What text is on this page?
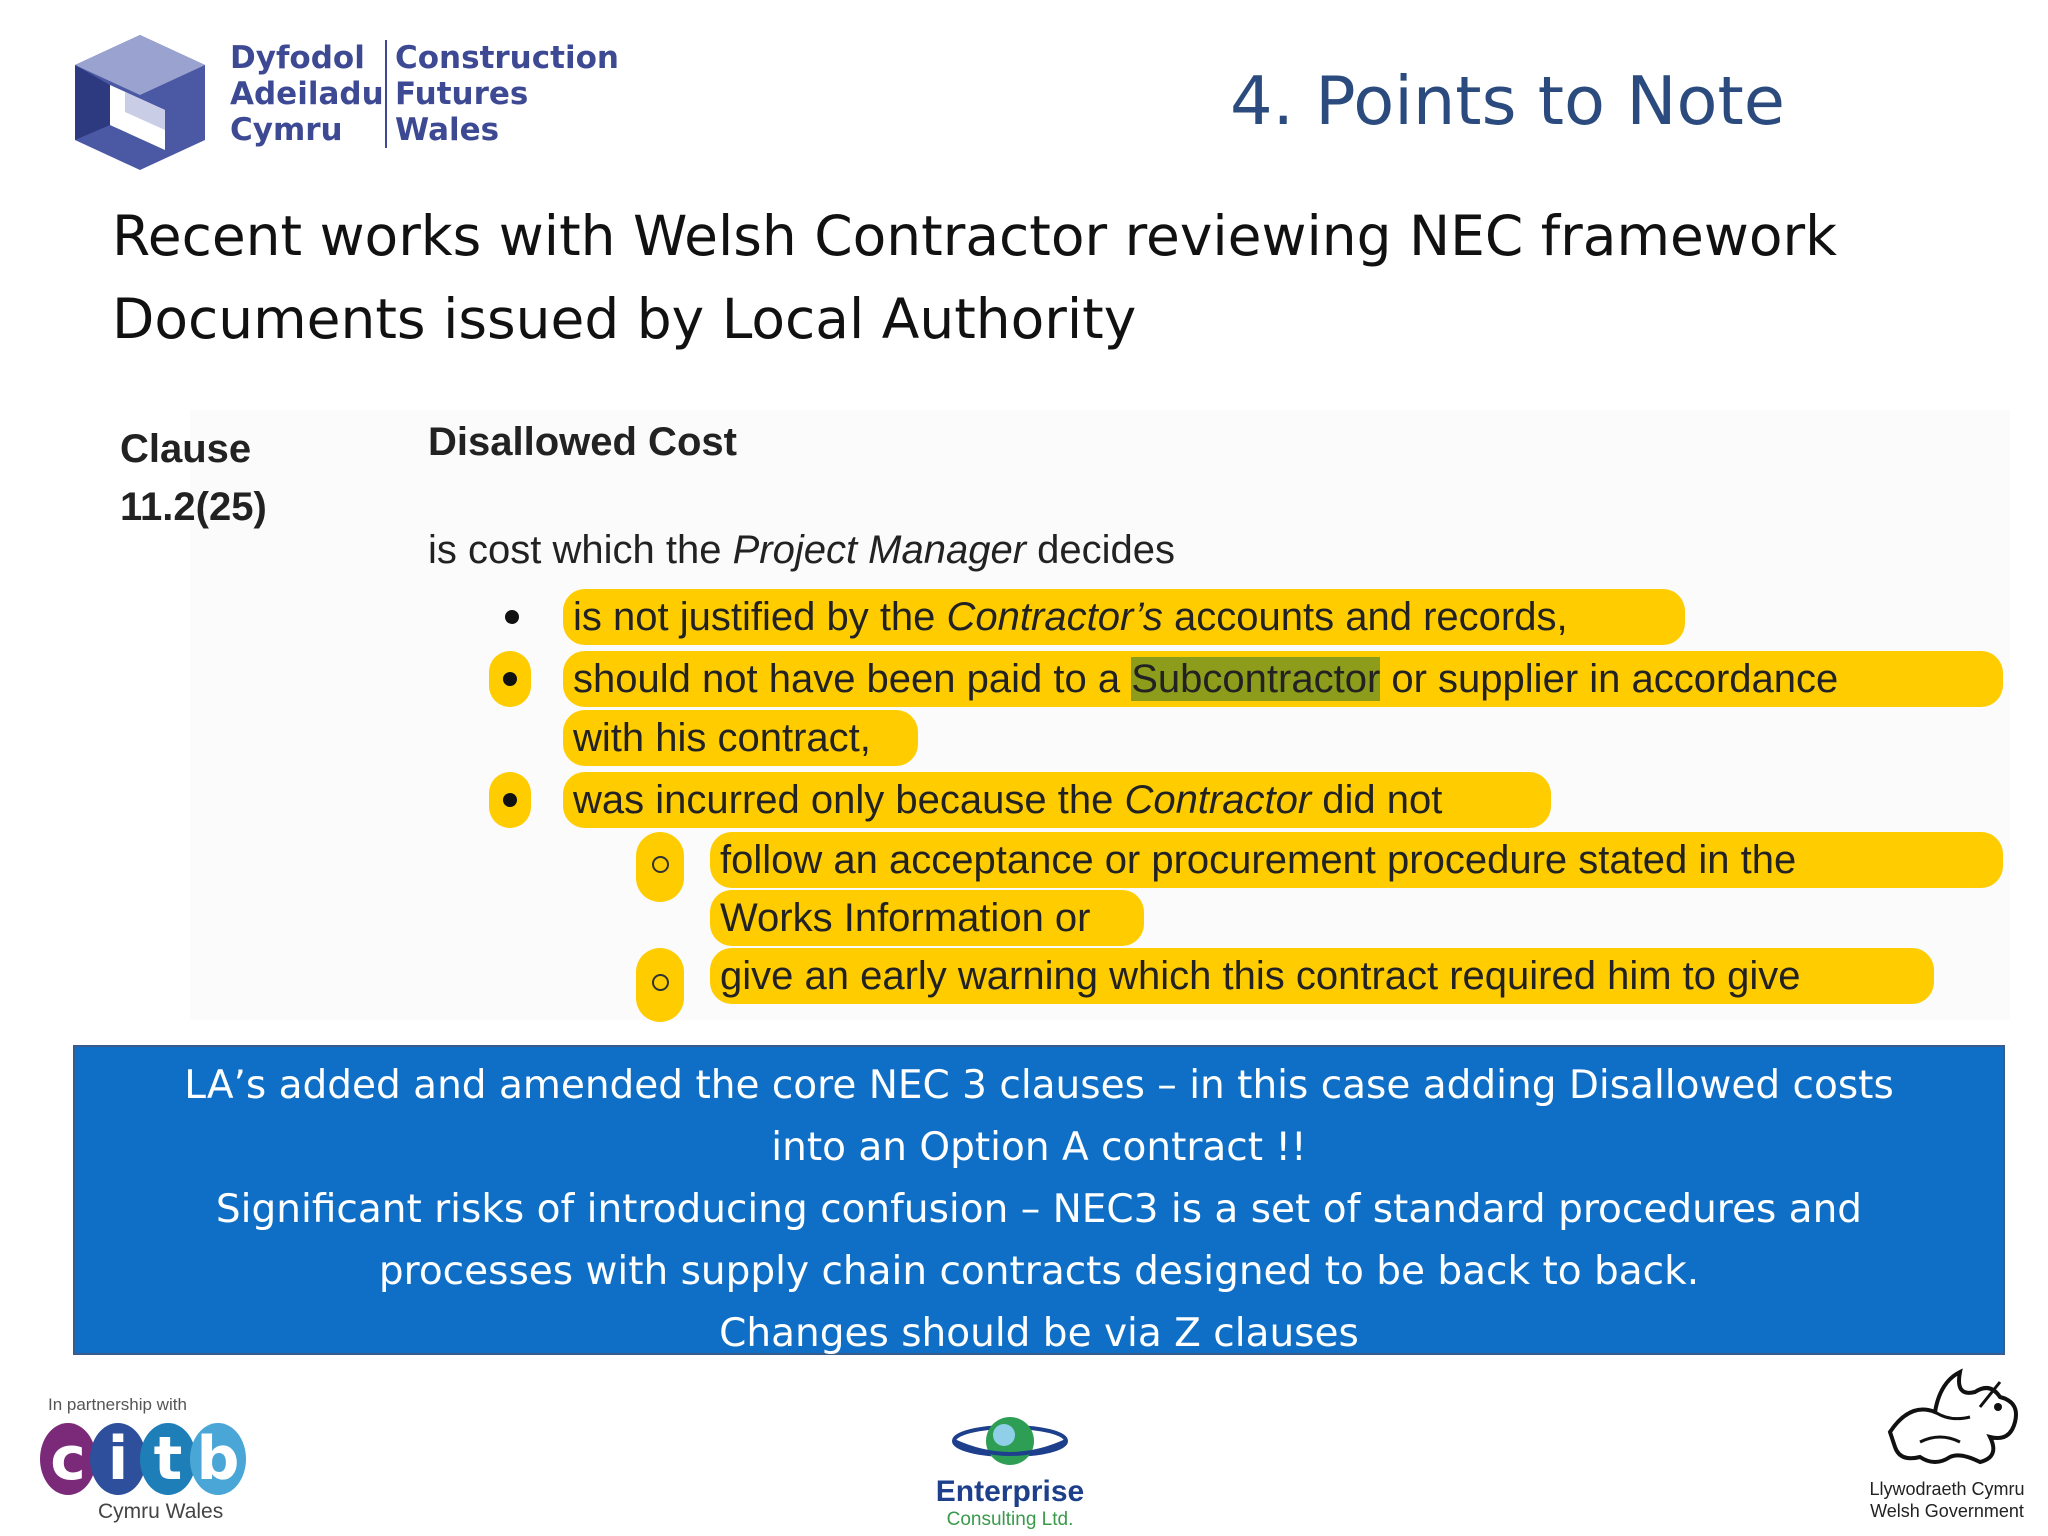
Dyfodol
Adeiladu
Cymru
Construction
Futures
Wales	4. Points to Note
Recent works with Welsh Contractor reviewing NEC framework
Documents issued by Local Authority
Clause
11.2(25)
Disallowed Cost
is cost which the Project Manager decides
is not justified by the Contractor’s accounts and records,
should not have been paid to a Subcontractor or supplier in accordance
with his contract,
was incurred only because the Contractor did not
follow an acceptance or procurement procedure stated in the
Works Information or
give an early warning which this contract required him to give
LA’s added and amended the core NEC 3 clauses – in this case adding Disallowed costs
into an Option A contract !!
Significant risks of introducing confusion – NEC3 is a set of standard procedures and
processes with supply chain contracts designed to be back to back.
Changes should be via Z clauses
In partnership with
c i t b
Cymru Wales
Enterprise
Consulting Ltd.
Llywodraeth Cymru
Welsh Government
